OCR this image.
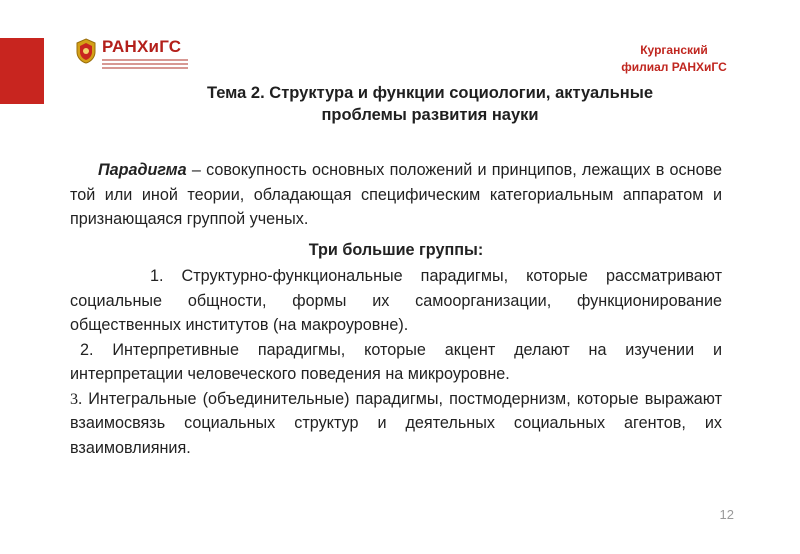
РАНХиГС	Курганский
филиал РАНХиГС
Тема 2. Структура и функции социологии, актуальные
проблемы развития науки

Парадигма – совокупность основных положений и принципов, лежащих в основе той или иной теории, обладающая специфическим категориальным аппаратом и признающаяся группой ученых.

Три большие группы:

1. Структурно-функциональные парадигмы, которые рассматривают социальные общности, формы их самоорганизации, функционирование общественных институтов (на макроуровне).

2. Интерпретивные парадигмы, которые акцент делают на изучении и интерпретации человеческого поведения на микроуровне.

3. Интегральные (объединительные) парадигмы, постмодернизм, которые выражают взаимосвязь социальных структур и деятельных социальных агентов, их взаимовлияния.

12
